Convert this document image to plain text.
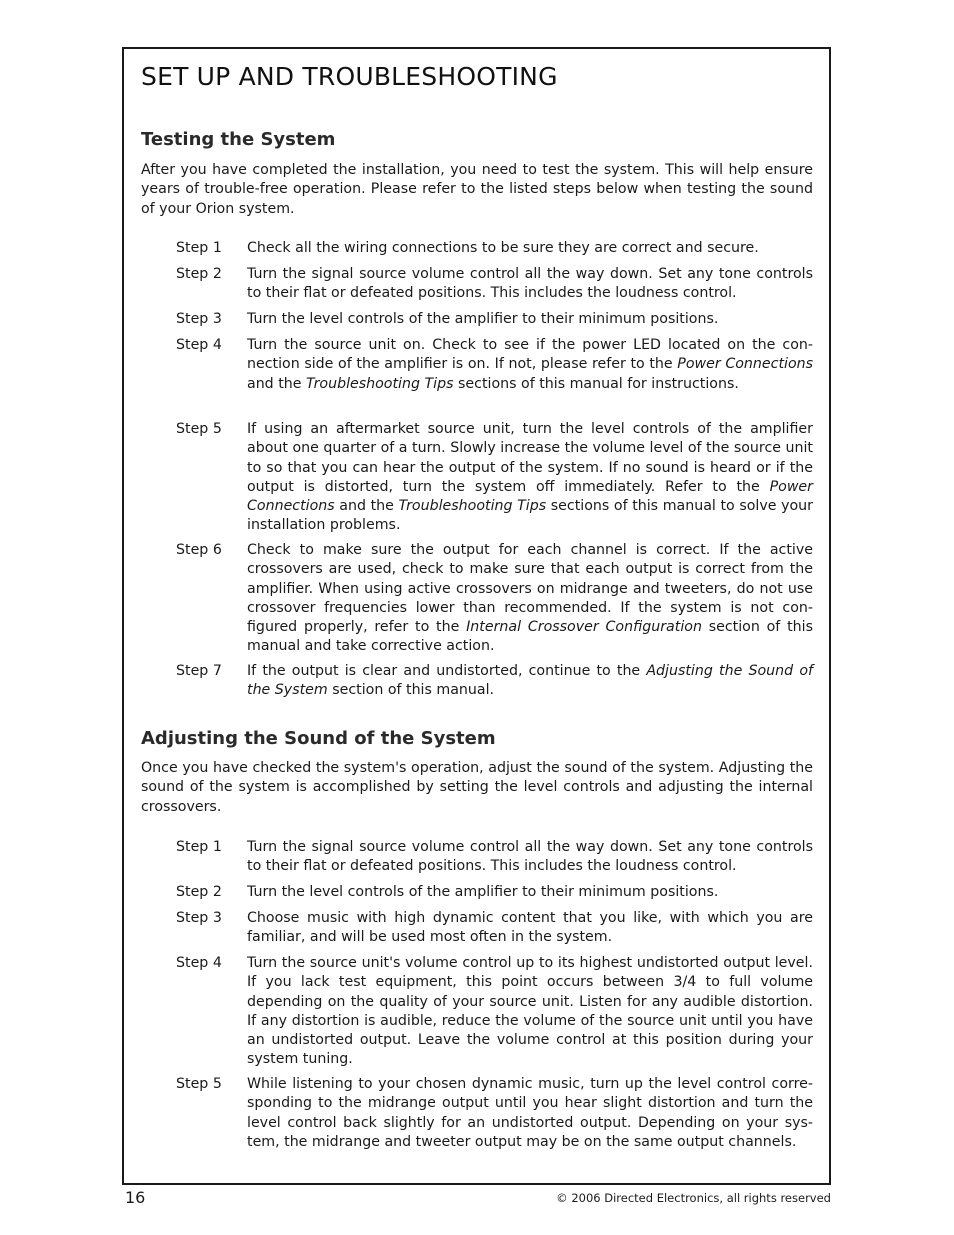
SET UP AND TROUBLESHOOTING
Testing the System

After you have completed the installation, you need to test the system. This will help ensure years of trouble-free operation. Please refer to the listed steps below when testing the sound of your Orion system.

Step 1 Check all the wiring connections to be sure they are correct and secure.
Step 2 Turn the signal source volume control all the way down. Set any tone controls to their flat or defeated positions. This includes the loudness control.
Step 3 Turn the level controls of the amplifier to their minimum positions.
Step 4 Turn the source unit on. Check to see if the power LED located on the connection side of the amplifier is on. If not, please refer to the Power Connections and the Troubleshooting Tips sections of this manual for instructions.
Step 5 If using an aftermarket source unit, turn the level controls of the amplifier about one quarter of a turn. Slowly increase the volume level of the source unit to so that you can hear the output of the system. If no sound is heard or if the output is distorted, turn the system off immediately. Refer to the Power Connections and the Troubleshooting Tips sections of this manual to solve your installation problems.
Step 6 Check to make sure the output for each channel is correct. If the active crossovers are used, check to make sure that each output is correct from the amplifier. When using active crossovers on midrange and tweeters, do not use crossover frequencies lower than recommended. If the system is not configured properly, refer to the Internal Crossover Configuration section of this manual and take corrective action.
Step 7 If the output is clear and undistorted, continue to the Adjusting the Sound of the System section of this manual.
Adjusting the Sound of the System

Once you have checked the system's operation, adjust the sound of the system. Adjusting the sound of the system is accomplished by setting the level controls and adjusting the internal crossovers.

Step 1 Turn the signal source volume control all the way down. Set any tone controls to their flat or defeated positions. This includes the loudness control.
Step 2 Turn the level controls of the amplifier to their minimum positions.
Step 3 Choose music with high dynamic content that you like, with which you are familiar, and will be used most often in the system.
Step 4 Turn the source unit's volume control up to its highest undistorted output level. If you lack test equipment, this point occurs between 3/4 to full volume depending on the quality of your source unit. Listen for any audible distortion. If any distortion is audible, reduce the volume of the source unit until you have an undistorted output. Leave the volume control at this position during your system tuning.
Step 5 While listening to your chosen dynamic music, turn up the level control corresponding to the midrange output until you hear slight distortion and turn the level control back slightly for an undistorted output. Depending on your system, the midrange and tweeter output may be on the same output channels.
16	© 2006 Directed Electronics, all rights reserved
